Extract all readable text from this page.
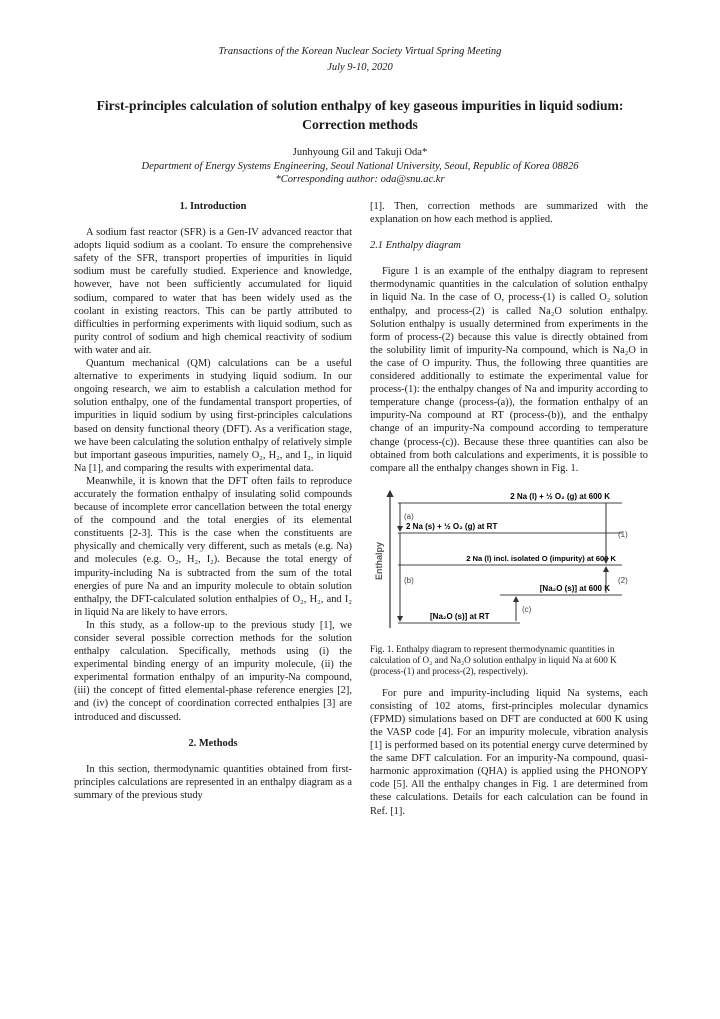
Transactions of the Korean Nuclear Society Virtual Spring Meeting
July 9-10, 2020
First-principles calculation of solution enthalpy of key gaseous impurities in liquid sodium:
Correction methods
Junhyoung Gil and Takuji Oda*
Department of Energy Systems Engineering, Seoul National University, Seoul, Republic of Korea 08826
*Corresponding author: oda@snu.ac.kr

1. Introduction

A sodium fast reactor (SFR) is a Gen-IV advanced reactor that adopts liquid sodium as a coolant. To ensure the comprehensive safety of the SFR, transport properties of impurities in liquid sodium must be carefully studied. Experience and knowledge, however, have not been sufficiently accumulated for liquid sodium, compared to water that has been widely used as the coolant in existing reactors. This can be partly attributed to difficulties in performing experiments with liquid sodium, such as purity control of sodium and high chemical reactivity of sodium with water and air.

Quantum mechanical (QM) calculations can be a useful alternative to experiments in studying liquid sodium. In our ongoing research, we aim to establish a calculation method for solution enthalpy, one of the fundamental transport properties, of impurities in liquid sodium by using first-principles calculations based on density functional theory (DFT). As a verification stage, we have been calculating the solution enthalpy of relatively simple but important gaseous impurities, namely O₂, H₂, and I₂, in liquid Na [1], and comparing the results with experimental data.

Meanwhile, it is known that the DFT often fails to reproduce accurately the formation enthalpy of insulating solid compounds because of incomplete error cancellation between the total energy of the compound and the total energies of its elemental constituents [2-3]. This is the case when the constituents are physically and chemically very different, such as metals (e.g. Na) and molecules (e.g. O₂, H₂, I₂). Because the total energy of impurity-including Na is subtracted from the sum of the total energies of pure Na and an impurity molecule to obtain solution enthalpy, the DFT-calculated solution enthalpies of O₂, H₂, and I₂ in liquid Na are likely to have errors.

In this study, as a follow-up to the previous study [1], we consider several possible correction methods for the solution enthalpy calculation. Specifically, methods using (i) the experimental binding energy of an impurity molecule, (ii) the experimental formation enthalpy of an impurity-Na compound, (iii) the concept of fitted elemental-phase reference energies [2], and (iv) the concept of coordination corrected enthalpies [3] are introduced and discussed.

2. Methods

In this section, thermodynamic quantities obtained from first-principles calculations are represented in an enthalpy diagram as a summary of the previous study

[1]. Then, correction methods are summarized with the explanation on how each method is applied.

2.1 Enthalpy diagram

Figure 1 is an example of the enthalpy diagram to represent thermodynamic quantities in the calculation of solution enthalpy in liquid Na. In the case of O, process-(1) is called O₂ solution enthalpy, and process-(2) is called Na₂O solution enthalpy. Solution enthalpy is usually determined from experiments in the form of process-(2) because this value is directly obtained from the solubility limit of impurity-Na compound, which is Na₂O in the case of O impurity. Thus, the following three quantities are considered additionally to estimate the experimental value for process-(1): the enthalpy changes of Na and impurity according to temperature change (process-(a)), the formation enthalpy of an impurity-Na compound at RT (process-(b)), and the enthalpy change of an impurity-Na compound according to temperature change (process-(c)). Because these three quantities can also be obtained from both calculations and experiments, it is possible to compare all the enthalpy changes shown in Fig. 1.

Enthalpy
2 Na (l) + ½ O₂ (g) at 600 K
2 Na (s) + ½ O₂ (g) at RT
2 Na (l) incl. isolated O (impurity) at 600 K
[Na₂O (s)] at 600 K
[Na₂O (s)] at RT
(a)
(b)
(c)
(1)
(2)

Fig. 1. Enthalpy diagram to represent thermodynamic quantities in calculation of O₂ and Na₂O solution enthalpy in liquid Na at 600 K (process-(1) and process-(2), respectively).

For pure and impurity-including liquid Na systems, each consisting of 102 atoms, first-principles molecular dynamics (FPMD) simulations based on DFT are conducted at 600 K using the VASP code [4]. For an impurity molecule, vibration analysis [1] is performed based on its potential energy curve determined by the same DFT calculation. For an impurity-Na compound, quasi-harmonic approximation (QHA) is applied using the PHONOPY code [5]. All the enthalpy changes in Fig. 1 are determined from these calculations. Details for each calculation can be found in Ref. [1].
